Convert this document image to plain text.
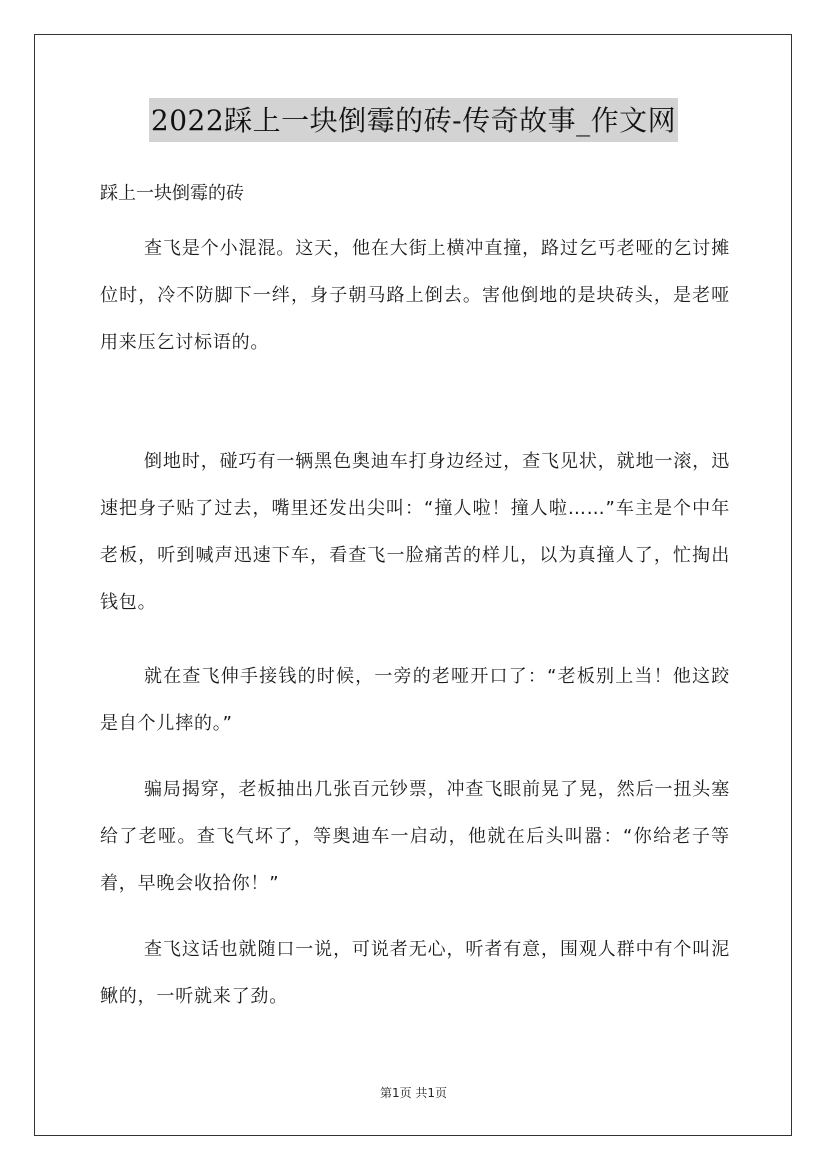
2022踩上一块倒霉的砖-传奇故事_作文网
踩上一块倒霉的砖

查飞是个小混混。这天，他在大街上横冲直撞，路过乞丐老哑的乞讨摊位时，冷不防脚下一绊，身子朝马路上倒去。害他倒地的是块砖头，是老哑用来压乞讨标语的。

倒地时，碰巧有一辆黑色奥迪车打身边经过，查飞见状，就地一滚，迅速把身子贴了过去，嘴里还发出尖叫：“撞人啦！撞人啦……”车主是个中年老板，听到喊声迅速下车，看查飞一脸痛苦的样儿，以为真撞人了，忙掏出钱包。

就在查飞伸手接钱的时候，一旁的老哑开口了：“老板别上当！他这跤是自个儿摔的。”

骗局揭穿，老板抽出几张百元钞票，冲查飞眼前晃了晃，然后一扭头塞给了老哑。查飞气坏了，等奥迪车一启动，他就在后头叫嚣：“你给老子等着，早晚会收拾你！”

查飞这话也就随口一说，可说者无心，听者有意，围观人群中有个叫泥鳅的，一听就来了劲。

第1页 共1页
